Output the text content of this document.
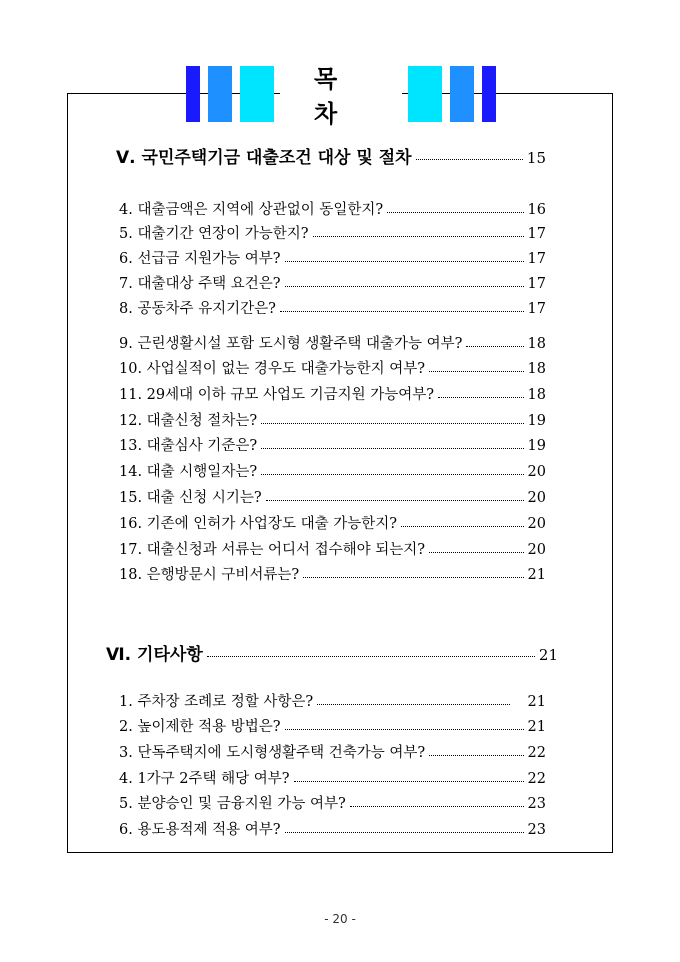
목 차
Ⅴ. 국민주택기금 대출조건 대상 및 절차	15
4. 대출금액은 지역에 상관없이 동일한지?	16
5. 대출기간 연장이 가능한지?	17
6. 선급금 지원가능 여부?	17
7. 대출대상 주택 요건은?	17
8. 공동차주 유지기간은?	17
9. 근린생활시설 포함 도시형 생활주택 대출가능 여부?	18
10. 사업실적이 없는 경우도 대출가능한지 여부?	18
11. 29세대 이하 규모 사업도 기금지원 가능여부?	18
12. 대출신청 절차는?	19
13. 대출심사 기준은?	19
14. 대출 시행일자는?	20
15. 대출 신청 시기는?	20
16. 기존에 인허가 사업장도 대출 가능한지?	20
17. 대출신청과 서류는 어디서 접수해야 되는지?	20
18. 은행방문시 구비서류는?	21
Ⅵ. 기타사항	21
1. 주차장 조례로 정할 사항은?	21
2. 높이제한 적용 방법은?	21
3. 단독주택지에 도시형생활주택 건축가능 여부?	22
4. 1가구 2주택 해당 여부?	22
5. 분양승인 및 금융지원 가능 여부?	23
6. 용도용적제 적용 여부?	23
- 20 -
